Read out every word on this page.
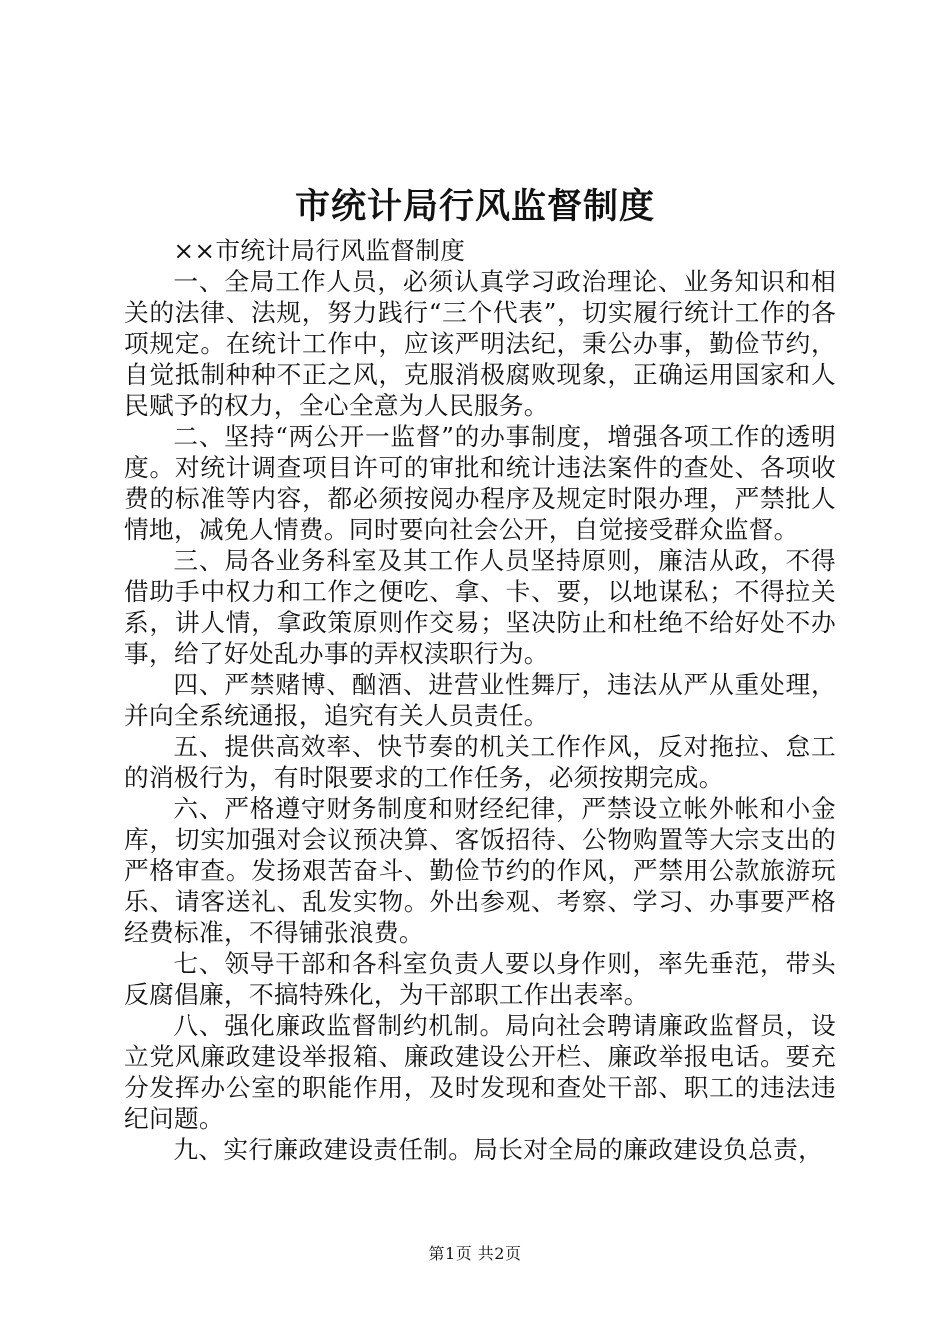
市统计局行风监督制度

××市统计局行风监督制度

一、全局工作人员，必须认真学习政治理论、业务知识和相关的法律、法规，努力践行“三个代表”，切实履行统计工作的各项规定。在统计工作中，应该严明法纪，秉公办事，勤俭节约，自觉抵制种种不正之风，克服消极腐败现象，正确运用国家和人民赋予的权力，全心全意为人民服务。

二、坚持“两公开一监督”的办事制度，增强各项工作的透明度。对统计调查项目许可的审批和统计违法案件的查处、各项收费的标准等内容，都必须按阅办程序及规定时限办理，严禁批人情地，减免人情费。同时要向社会公开，自觉接受群众监督。

三、局各业务科室及其工作人员坚持原则，廉洁从政，不得借助手中权力和工作之便吃、拿、卡、要，以地谋私；不得拉关系，讲人情，拿政策原则作交易；坚决防止和杜绝不给好处不办事，给了好处乱办事的弄权渎职行为。

四、严禁赌博、酗酒、进营业性舞厅，违法从严从重处理，并向全系统通报，追究有关人员责任。

五、提供高效率、快节奏的机关工作作风，反对拖拉、怠工的消极行为，有时限要求的工作任务，必须按期完成。

六、严格遵守财务制度和财经纪律，严禁设立帐外帐和小金库，切实加强对会议预决算、客饭招待、公物购置等大宗支出的严格审查。发扬艰苦奋斗、勤俭节约的作风，严禁用公款旅游玩乐、请客送礼、乱发实物。外出参观、考察、学习、办事要严格经费标准，不得铺张浪费。

七、领导干部和各科室负责人要以身作则，率先垂范，带头反腐倡廉，不搞特殊化，为干部职工作出表率。

八、强化廉政监督制约机制。局向社会聘请廉政监督员，设立党风廉政建设举报箱、廉政建设公开栏、廉政举报电话。要充分发挥办公室的职能作用，及时发现和查处干部、职工的违法违纪问题。

九、实行廉政建设责任制。局长对全局的廉政建设负总责，

第1页 共2页
